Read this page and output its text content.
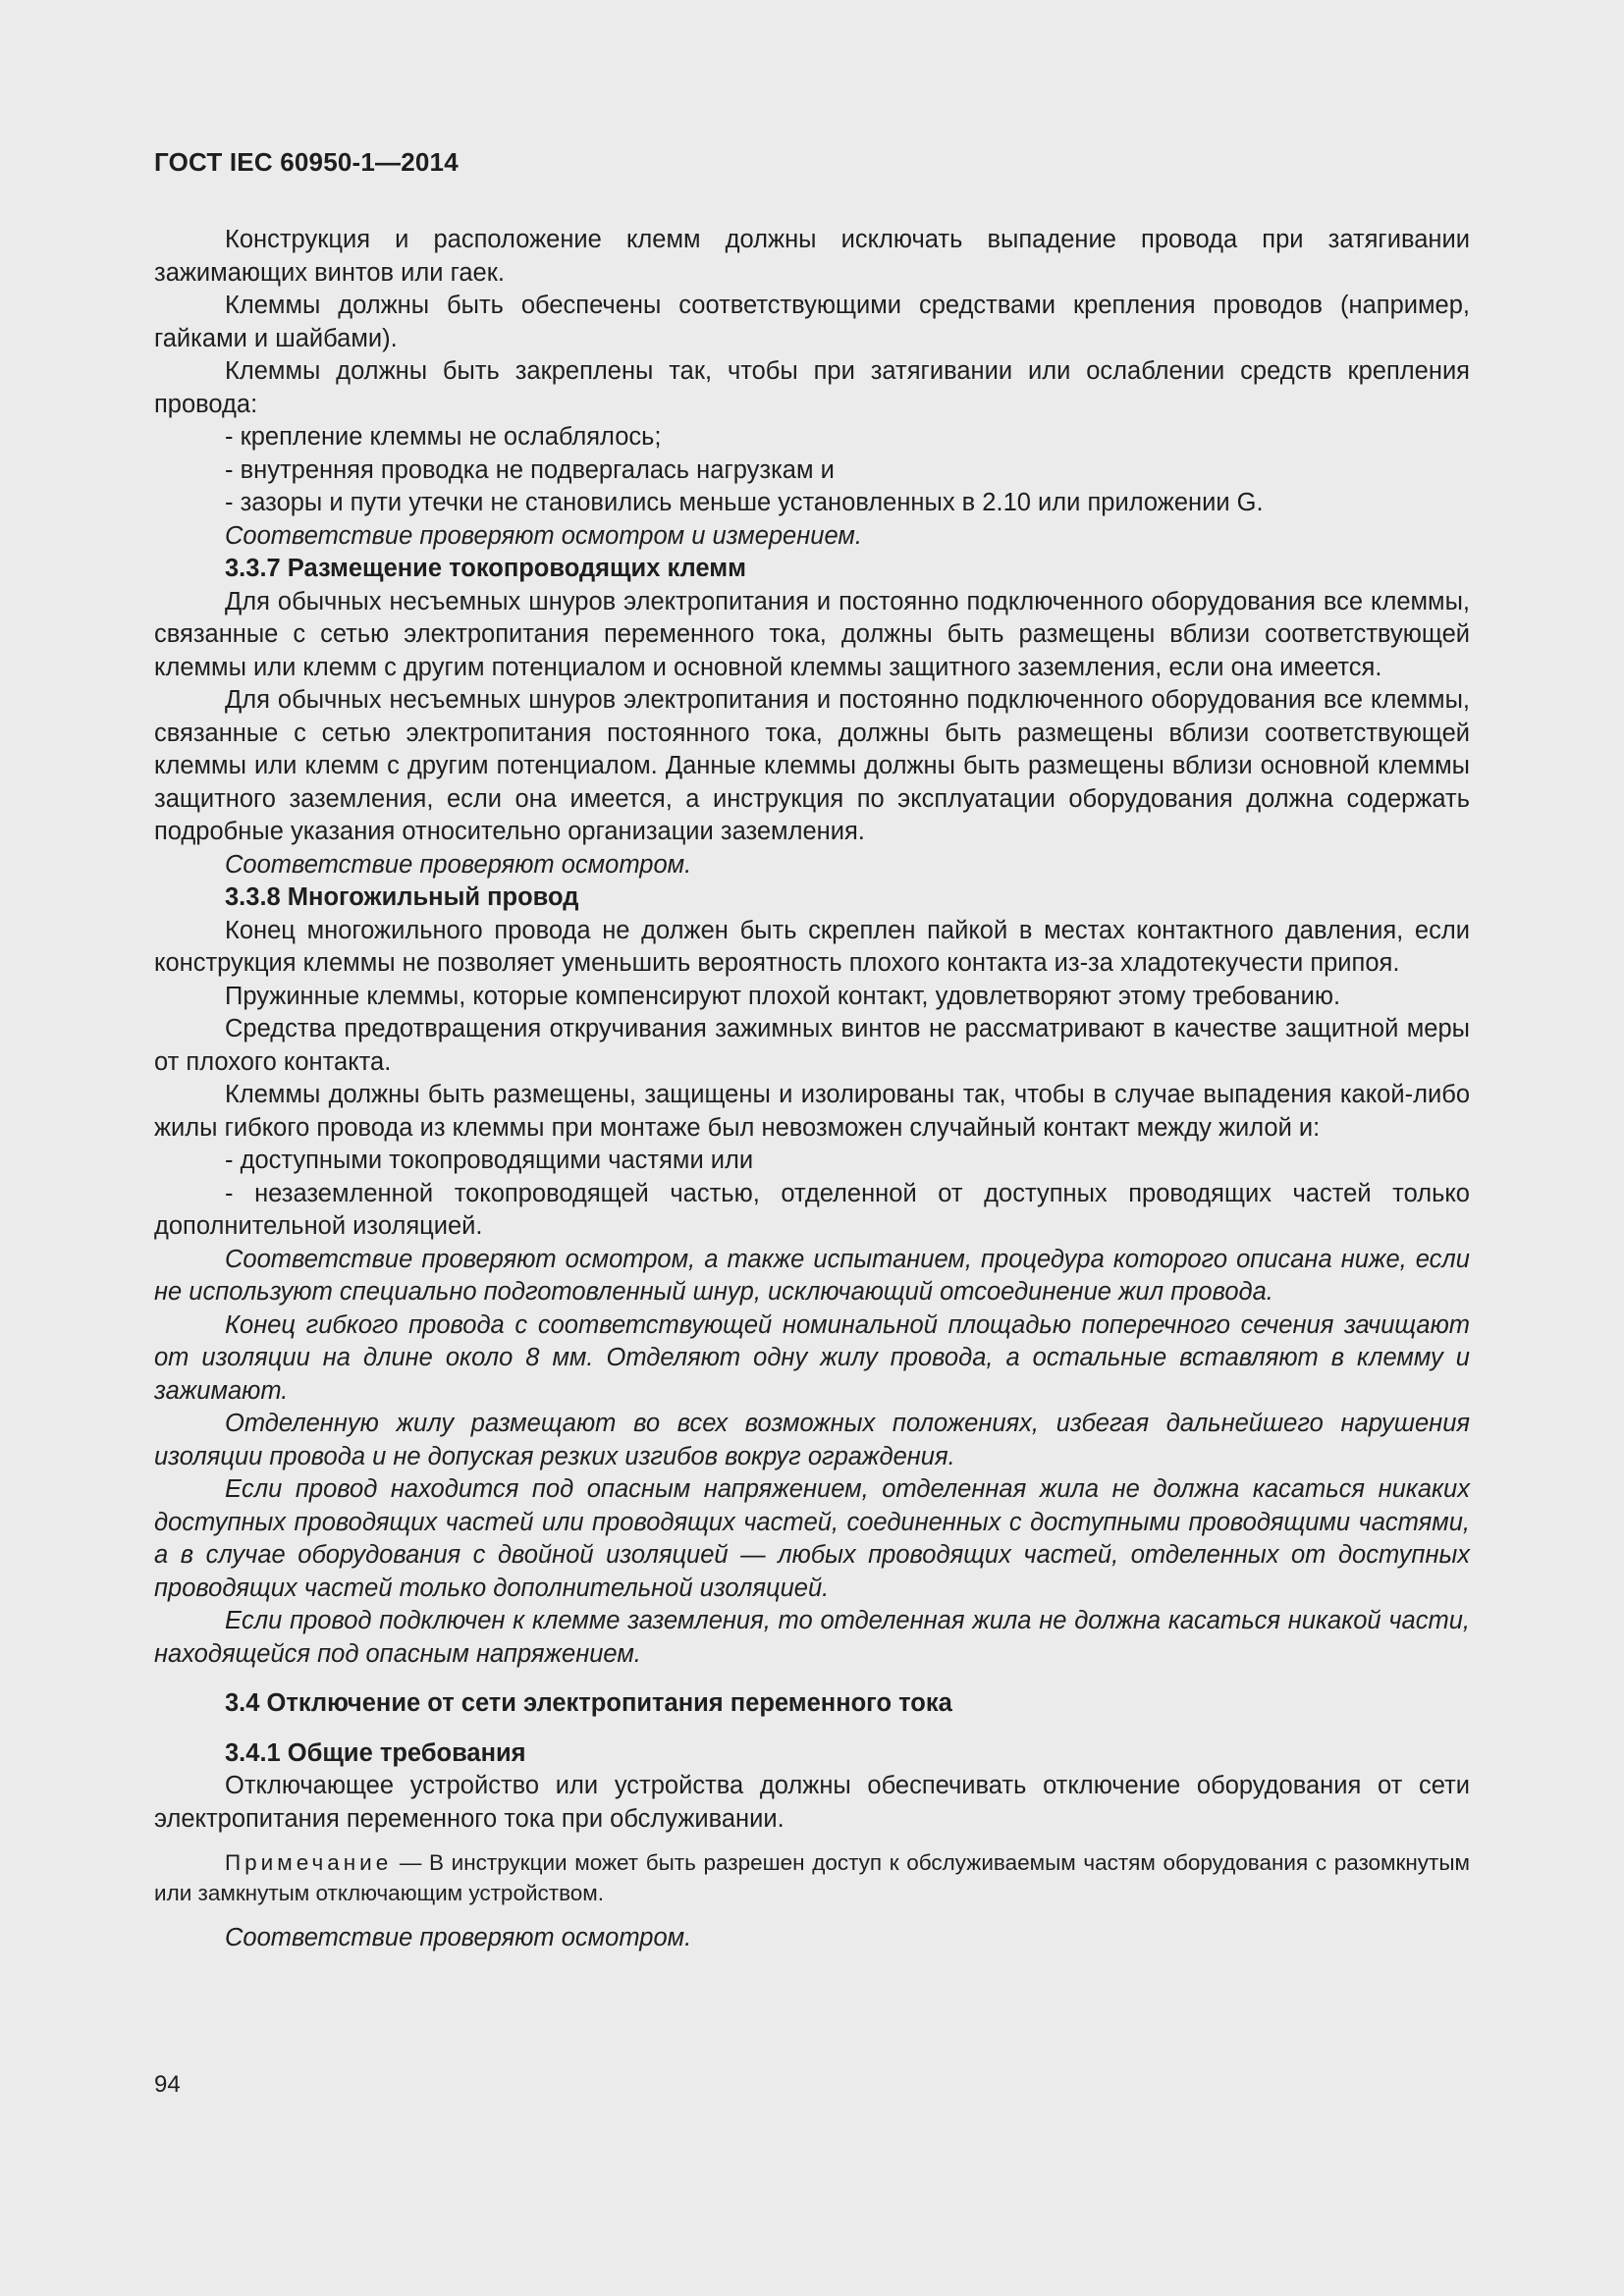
ГОСТ IEC 60950-1—2014

Конструкция и расположение клемм должны исключать выпадение провода при затягивании зажимающих винтов или гаек.

Клеммы должны быть обеспечены соответствующими средствами крепления проводов (например, гайками и шайбами).

Клеммы должны быть закреплены так, чтобы при затягивании или ослаблении средств крепления провода:

- крепление клеммы не ослаблялось;

- внутренняя проводка не подвергалась нагрузкам и

- зазоры и пути утечки не становились меньше установленных в 2.10 или приложении G.

Соответствие проверяют осмотром и измерением.

3.3.7 Размещение токопроводящих клемм

Для обычных несъемных шнуров электропитания и постоянно подключенного оборудования все клеммы, связанные с сетью электропитания переменного тока, должны быть размещены вблизи соответствующей клеммы или клемм с другим потенциалом и основной клеммы защитного заземления, если она имеется.

Для обычных несъемных шнуров электропитания и постоянно подключенного оборудования все клеммы, связанные с сетью электропитания постоянного тока, должны быть размещены вблизи соответствующей клеммы или клемм с другим потенциалом. Данные клеммы должны быть размещены вблизи основной клеммы защитного заземления, если она имеется, а инструкция по эксплуатации оборудования должна содержать подробные указания относительно организации заземления.

Соответствие проверяют осмотром.

3.3.8 Многожильный провод

Конец многожильного провода не должен быть скреплен пайкой в местах контактного давления, если конструкция клеммы не позволяет уменьшить вероятность плохого контакта из-за хладотекучести припоя.

Пружинные клеммы, которые компенсируют плохой контакт, удовлетворяют этому требованию.

Средства предотвращения откручивания зажимных винтов не рассматривают в качестве защитной меры от плохого контакта.

Клеммы должны быть размещены, защищены и изолированы так, чтобы в случае выпадения какой-либо жилы гибкого провода из клеммы при монтаже был невозможен случайный контакт между жилой и:

- доступными токопроводящими частями или

- незаземленной токопроводящей частью, отделенной от доступных проводящих частей только дополнительной изоляцией.

Соответствие проверяют осмотром, а также испытанием, процедура которого описана ниже, если не используют специально подготовленный шнур, исключающий отсоединение жил провода.

Конец гибкого провода с соответствующей номинальной площадью поперечного сечения зачищают от изоляции на длине около 8 мм. Отделяют одну жилу провода, а остальные вставляют в клемму и зажимают.

Отделенную жилу размещают во всех возможных положениях, избегая дальнейшего нарушения изоляции провода и не допуская резких изгибов вокруг ограждения.

Если провод находится под опасным напряжением, отделенная жила не должна касаться никаких доступных проводящих частей или проводящих частей, соединенных с доступными проводящими частями, а в случае оборудования с двойной изоляцией — любых проводящих частей, отделенных от доступных проводящих частей только дополнительной изоляцией.

Если провод подключен к клемме заземления, то отделенная жила не должна касаться никакой части, находящейся под опасным напряжением.

3.4 Отключение от сети электропитания переменного тока

3.4.1 Общие требования

Отключающее устройство или устройства должны обеспечивать отключение оборудования от сети электропитания переменного тока при обслуживании.

Примечание — В инструкции может быть разрешен доступ к обслуживаемым частям оборудования с разомкнутым или замкнутым отключающим устройством.

Соответствие проверяют осмотром.

94
